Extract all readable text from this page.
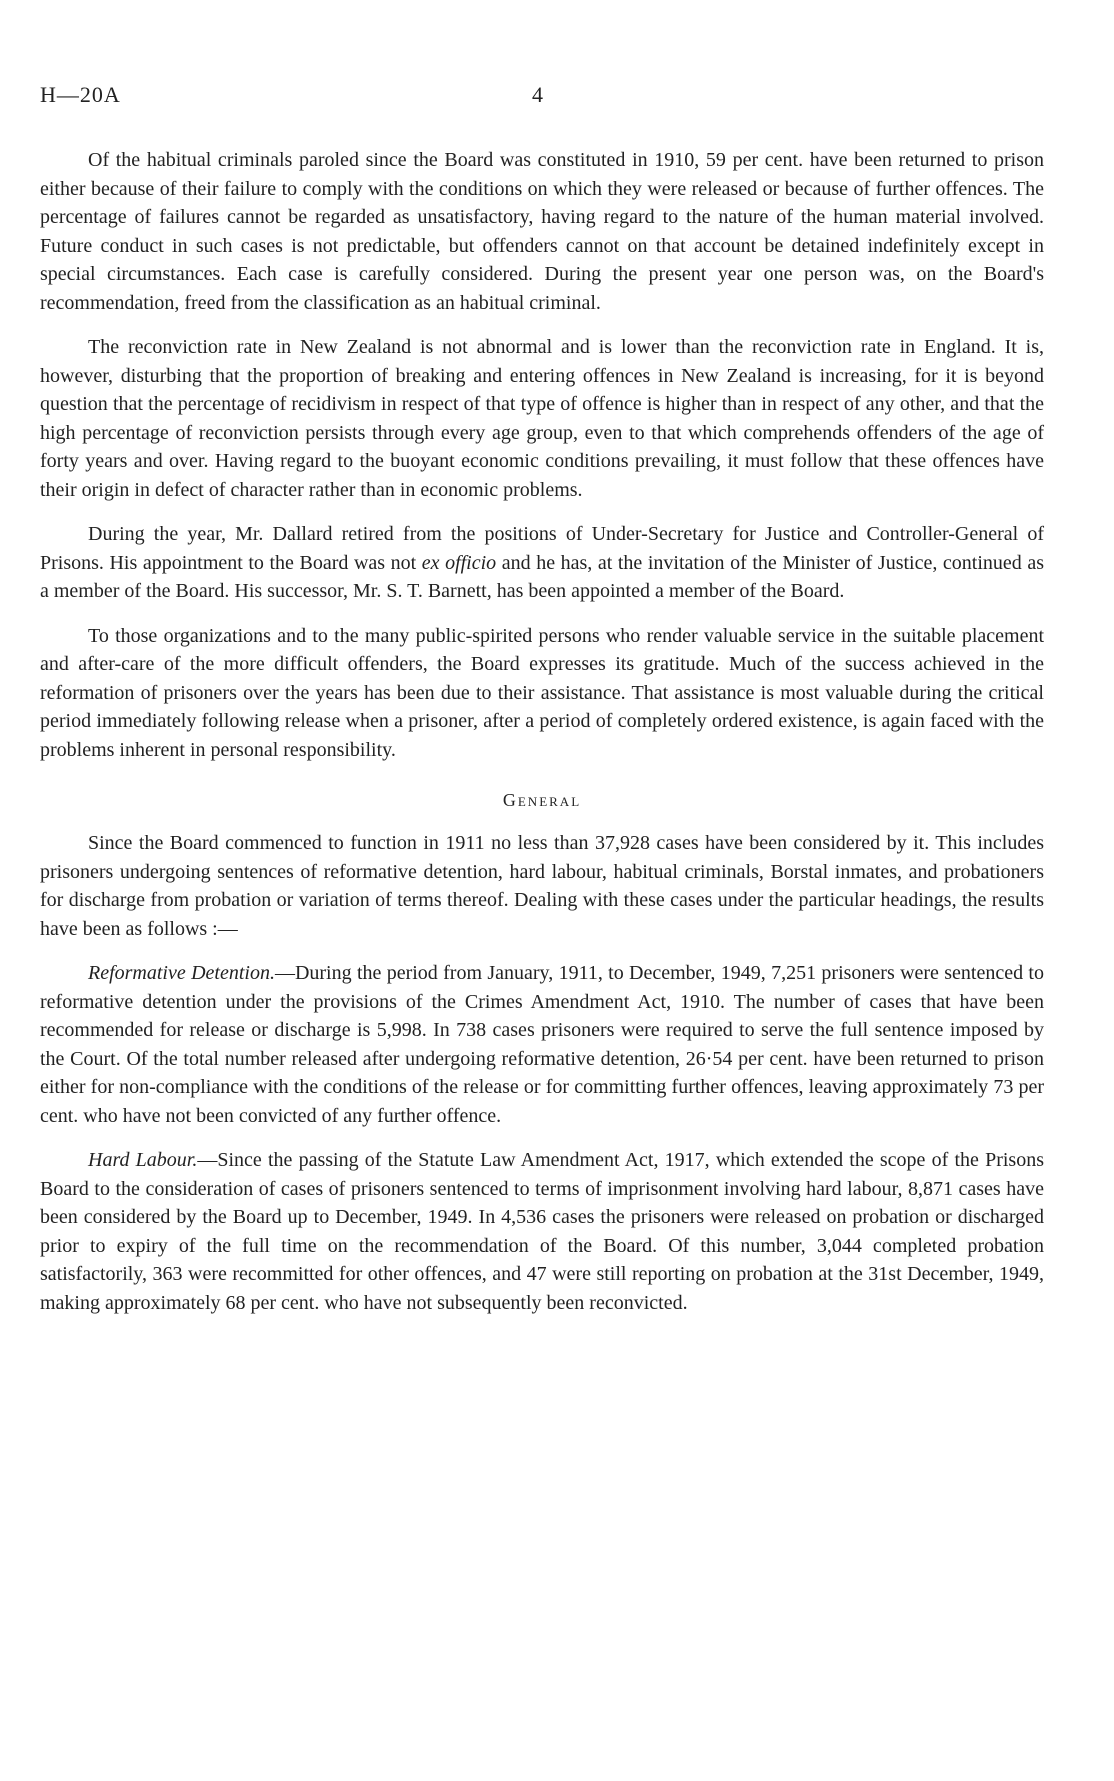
H—20A	4

Of the habitual criminals paroled since the Board was constituted in 1910, 59 per cent. have been returned to prison either because of their failure to comply with the conditions on which they were released or because of further offences. The percentage of failures cannot be regarded as unsatisfactory, having regard to the nature of the human material involved. Future conduct in such cases is not predictable, but offenders cannot on that account be detained indefinitely except in special circumstances. Each case is carefully considered. During the present year one person was, on the Board's recommendation, freed from the classification as an habitual criminal.

The reconviction rate in New Zealand is not abnormal and is lower than the reconviction rate in England. It is, however, disturbing that the proportion of breaking and entering offences in New Zealand is increasing, for it is beyond question that the percentage of recidivism in respect of that type of offence is higher than in respect of any other, and that the high percentage of reconviction persists through every age group, even to that which comprehends offenders of the age of forty years and over. Having regard to the buoyant economic conditions prevailing, it must follow that these offences have their origin in defect of character rather than in economic problems.

During the year, Mr. Dallard retired from the positions of Under-Secretary for Justice and Controller-General of Prisons. His appointment to the Board was not ex officio and he has, at the invitation of the Minister of Justice, continued as a member of the Board. His successor, Mr. S. T. Barnett, has been appointed a member of the Board.

To those organizations and to the many public-spirited persons who render valuable service in the suitable placement and after-care of the more difficult offenders, the Board expresses its gratitude. Much of the success achieved in the reformation of prisoners over the years has been due to their assistance. That assistance is most valuable during the critical period immediately following release when a prisoner, after a period of completely ordered existence, is again faced with the problems inherent in personal responsibility.

General

Since the Board commenced to function in 1911 no less than 37,928 cases have been considered by it. This includes prisoners undergoing sentences of reformative detention, hard labour, habitual criminals, Borstal inmates, and probationers for discharge from probation or variation of terms thereof. Dealing with these cases under the particular headings, the results have been as follows :—

Reformative Detention.—During the period from January, 1911, to December, 1949, 7,251 prisoners were sentenced to reformative detention under the provisions of the Crimes Amendment Act, 1910. The number of cases that have been recommended for release or discharge is 5,998. In 738 cases prisoners were required to serve the full sentence imposed by the Court. Of the total number released after undergoing reformative detention, 26·54 per cent. have been returned to prison either for non-compliance with the conditions of the release or for committing further offences, leaving approximately 73 per cent. who have not been convicted of any further offence.

Hard Labour.—Since the passing of the Statute Law Amendment Act, 1917, which extended the scope of the Prisons Board to the consideration of cases of prisoners sentenced to terms of imprisonment involving hard labour, 8,871 cases have been considered by the Board up to December, 1949. In 4,536 cases the prisoners were released on probation or discharged prior to expiry of the full time on the recommendation of the Board. Of this number, 3,044 completed probation satisfactorily, 363 were recommitted for other offences, and 47 were still reporting on probation at the 31st December, 1949, making approximately 68 per cent. who have not subsequently been reconvicted.
